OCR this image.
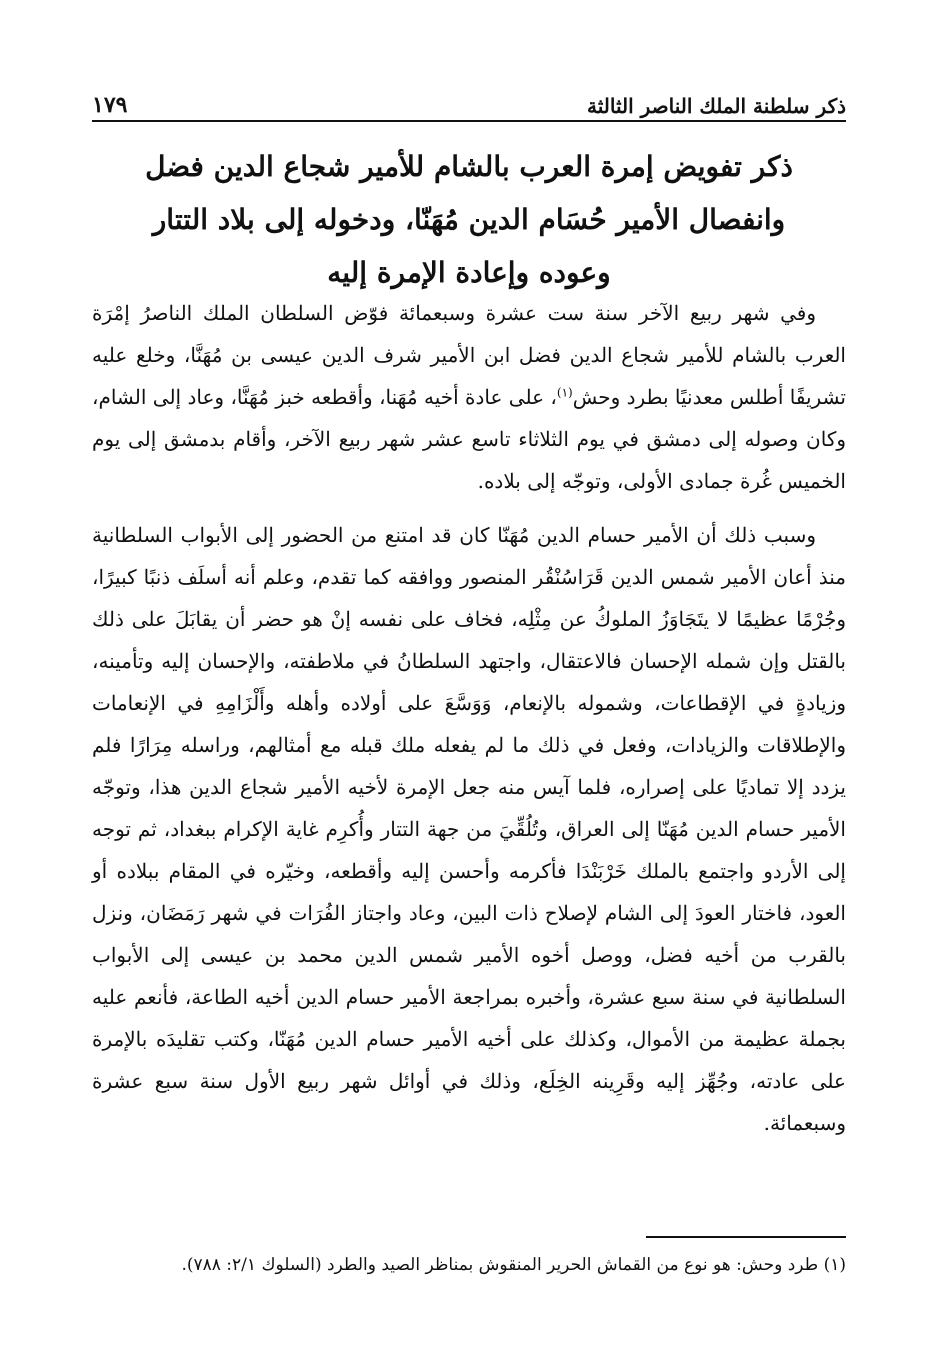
ذكر سلطنة الملك الناصر الثالثة
١٧٩
ذكر تفويض إمرة العرب بالشام للأمير شجاع الدين فضل
وانفصال الأمير حُسَام الدين مُهَنّا، ودخوله إلى بلاد التتار
وعوده وإعادة الإمرة إليه

وفي شهر ربيع الآخر سنة ست عشرة وسبعمائة فوّض السلطان الملك الناصرُ إمْرَة العرب بالشام للأمير شجاع الدين فضل ابن الأمير شرف الدين عيسى بن مُهَنَّا، وخلع عليه تشريفًا أطلس معدنيًا بطرد وحش$^{(١)}$، على عادة أخيه مُهَنا، وأقطعه خبز مُهَنَّا، وعاد إلى الشام، وكان وصوله إلى دمشق في يوم الثلاثاء تاسع عشر شهر ربيع الآخر، وأقام بدمشق إلى يوم الخميس غُرة جمادى الأولى، وتوجّه إلى بلاده.

وسبب ذلك أن الأمير حسام الدين مُهَنّا كان قد امتنع من الحضور إلى الأبواب السلطانية منذ أعان الأمير شمس الدين قَرَاسُنْقُر المنصور ووافقه كما تقدم، وعلم أنه أسلَف ذنبًا كبيرًا، وجُرْمًا عظيمًا لا يتَجَاوَزُ الملوكُ عن مِثْلِه، فخاف على نفسه إنْ هو حضر أن يقابَلَ على ذلك بالقتل وإن شمله الإحسان فالاعتقال، واجتهد السلطانُ في ملاطفته، والإحسان إليه وتأمينه، وزيادةٍ في الإقطاعات، وشموله بالإنعام، وَوَسَّعَ على أولاده وأهله وأَلْزَامِهِ في الإنعامات والإطلاقات والزيادات، وفعل في ذلك ما لم يفعله ملك قبله مع أمثالهم، وراسله مِرَارًا فلم يزدد إلا تماديًا على إصراره، فلما آيس منه جعل الإمرة لأخيه الأمير شجاع الدين هذا، وتوجّه الأمير حسام الدين مُهَنّا إلى العراق، وتُلُقِّيَ من جهة التتار وأُكرِم غاية الإكرام ببغداد، ثم توجه إلى الأردو واجتمع بالملك خَرْبَنْدَا فأكرمه وأحسن إليه وأقطعه، وخيّره في المقام ببلاده أو العود، فاختار العودَ إلى الشام لإصلاح ذات البين، وعاد واجتاز الفُرَات في شهر رَمَضَان، ونزل بالقرب من أخيه فضل، ووصل أخوه الأمير شمس الدين محمد بن عيسى إلى الأبواب السلطانية في سنة سبع عشرة، وأخبره بمراجعة الأمير حسام الدين أخيه الطاعة، فأنعم عليه بجملة عظيمة من الأموال، وكذلك على أخيه الأمير حسام الدين مُهَنّا، وكتب تقليدَه بالإمرة على عادته، وجُهِّز إليه وقَرِينه الخِلَع، وذلك في أوائل شهر ربيع الأول سنة سبع عشرة وسبعمائة.

(١) طرد وحش: هو نوع من القماش الحرير المنقوش بمناظر الصيد والطرد (السلوك ٢/١: ٧٨٨).
